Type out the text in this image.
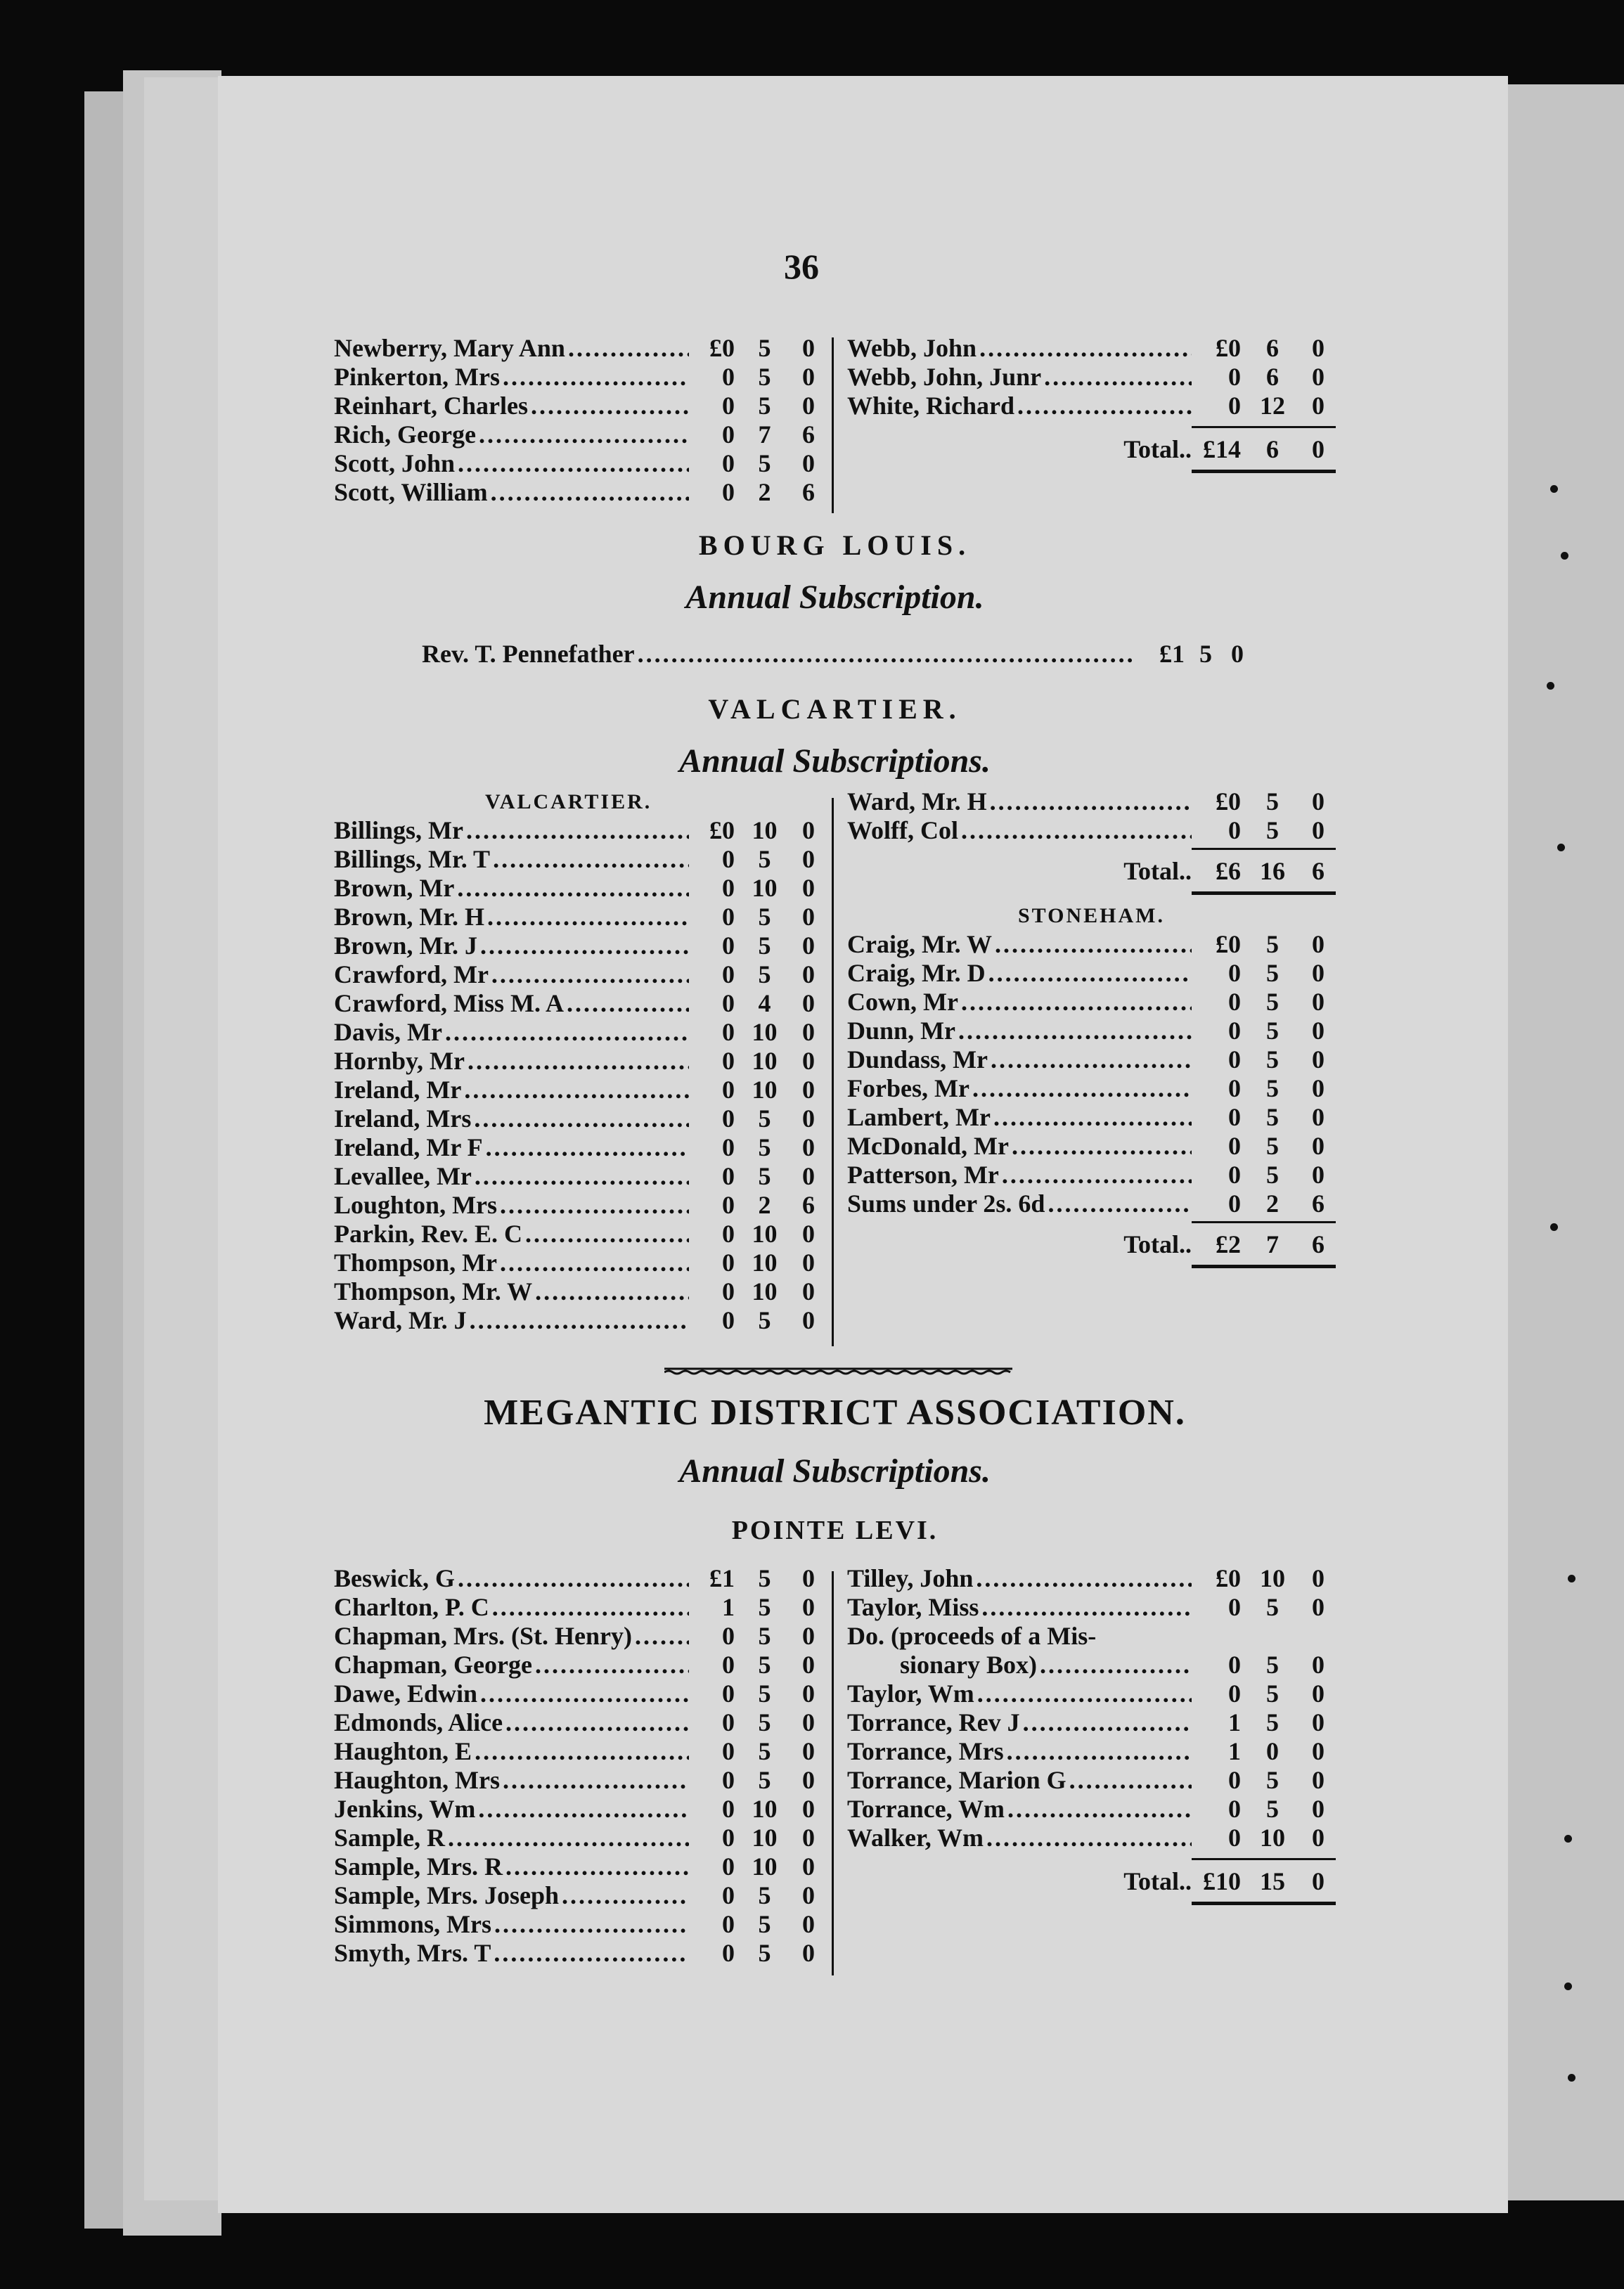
36
Newberry, Mary Ann .....	£0 5	0
Pinkerton, Mrs .....	0 5	0
Reinhart, Charles .....	0 5	0
Rich, George .....	0 7	6
Scott, John .....	0 5	0
Scott, William .....	0 2	6
Webb, John .....	£0	6	0
Webb, John, Junr .....	0	6	0
White, Richard .....	0 12	0
Total.. £14	6	0
BOURG LOUIS.
Annual Subscription.
Rev. T. Pennefather .....	£1 5 0
VALCARTIER.
Annual Subscriptions.
VALCARTIER.
Billings, Mr .....	£0 10 0
Billings, Mr. T .....	0 5	0
Brown, Mr .....	0 10 0
Brown, Mr. H .....	0 5	0
Brown, Mr. J .....	0 5	0
Crawford, Mr .....	0 5	0
Crawford, Miss M. A .....	0 4	0
Davis, Mr .....	0 10 0
Hornby, Mr .....	0 10 0
Ireland, Mr .....	0 10 0
Ireland, Mrs .....	0 5	0
Ireland, Mr F .....	0 5	0
Levallee, Mr .....	0 5	0
Loughton, Mrs .....	0 2	6
Parkin, Rev. E. C .....	0 10 0
Thompson, Mr .....	0 10 0
Thompson, Mr. W .....	0 10 0
Ward, Mr. J .....	0 5	0
Ward, Mr. H .....	£0	5	0
Wolff, Col .....	0	5	0
Total.. £6 16	6
STONEHAM.
Craig, Mr. W .....	£0	5	0
Craig, Mr. D .....	0	5	0
Cown, Mr .....	0	5	0
Dunn, Mr .....	0	5	0
Dundass, Mr .....	0	5	0
Forbes, Mr .....	0	5	0
Lambert, Mr .....	0	5	0
McDonald, Mr .....	0	5	0
Patterson, Mr .....	0	5	0
Sums under 2s. 6d .....	0	2	6
Total.. £2	7	6
MEGANTIC DISTRICT ASSOCIATION.
Annual Subscriptions.
POINTE LEVI.
Beswick, G .....	£1 5	0
Charlton, P. C .....	1 5	0
Chapman, Mrs. (St. Henry) .....	0 5	0
Chapman, George .....	0 5	0
Dawe, Edwin .....	0 5	0
Edmonds, Alice .....	0 5	0
Haughton, E .....	0 5	0
Haughton, Mrs .....	0 5	0
Jenkins, Wm .....	0 10 0
Sample, R .....	0 10 0
Sample, Mrs. R .....	0 10 0
Sample, Mrs. Joseph .....	0 5	0
Simmons, Mrs .....	0 5	0
Smyth, Mrs. T .....	0 5	0
Tilley, John .....	£0 10	0
Taylor, Miss .....	0	5	0
Do. (proceeds of a Mis-
sionary Box) .....	0	5	0
Taylor, Wm .....	0	5	0
Torrance, Rev J .....	1	5	0
Torrance, Mrs .....	1	0	0
Torrance, Marion G .....	0	5	0
Torrance, Wm .....	0	5	0
Walker, Wm .....	0 10	0
Total.. £10 15	0
